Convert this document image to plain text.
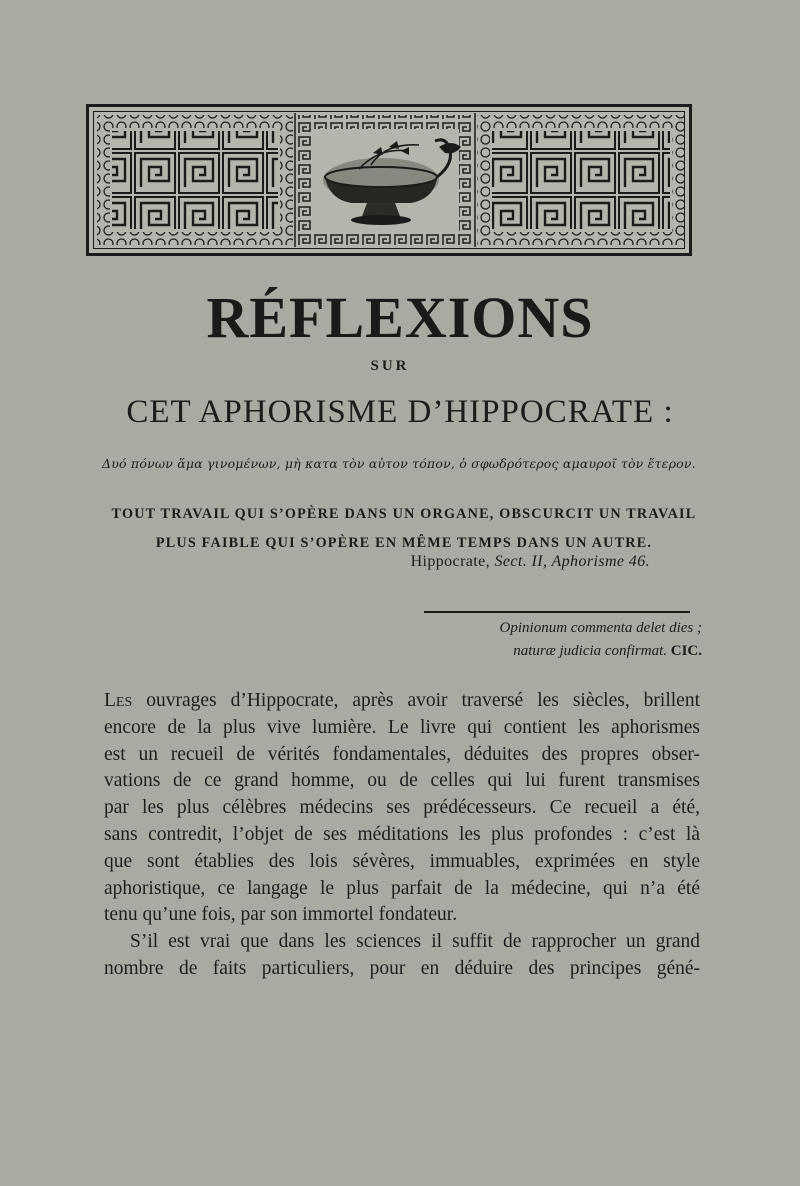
RÉFLEXIONS
SUR
CET APHORISME D’HIPPOCRATE :
Δυό πόνων ἅμα γινομένων, μὴ κατα τὸν αὐτον τόπον, ὁ σφωδρότερος αμαυροῖ τὸν ἕτερον.
TOUT TRAVAIL QUI S’OPÈRE DANS UN ORGANE, OBSCURCIT UN TRAVAIL
PLUS FAIBLE QUI S’OPÈRE EN MÊME TEMPS DANS UN AUTRE.
Hippocrate, Sect. II, Aphorisme 46.
Opinionum commenta delet dies ;
naturæ judicia confirmat. CIC.
Les ouvrages d’Hippocrate, après avoir traversé les siècles, brillent
encore de la plus vive lumière. Le livre qui contient les aphorismes
est un recueil de vérités fondamentales, déduites des propres obser-
vations de ce grand homme, ou de celles qui lui furent transmises
par les plus célèbres médecins ses prédécesseurs. Ce recueil a été,
sans contredit, l’objet de ses méditations les plus profondes : c’est là
que sont établies des lois sévères, immuables, exprimées en style
aphoristique, ce langage le plus parfait de la médecine, qui n’a été
tenu qu’une fois, par son immortel fondateur.
S’il est vrai que dans les sciences il suffit de rapprocher un grand
nombre de faits particuliers, pour en déduire des principes géné-
